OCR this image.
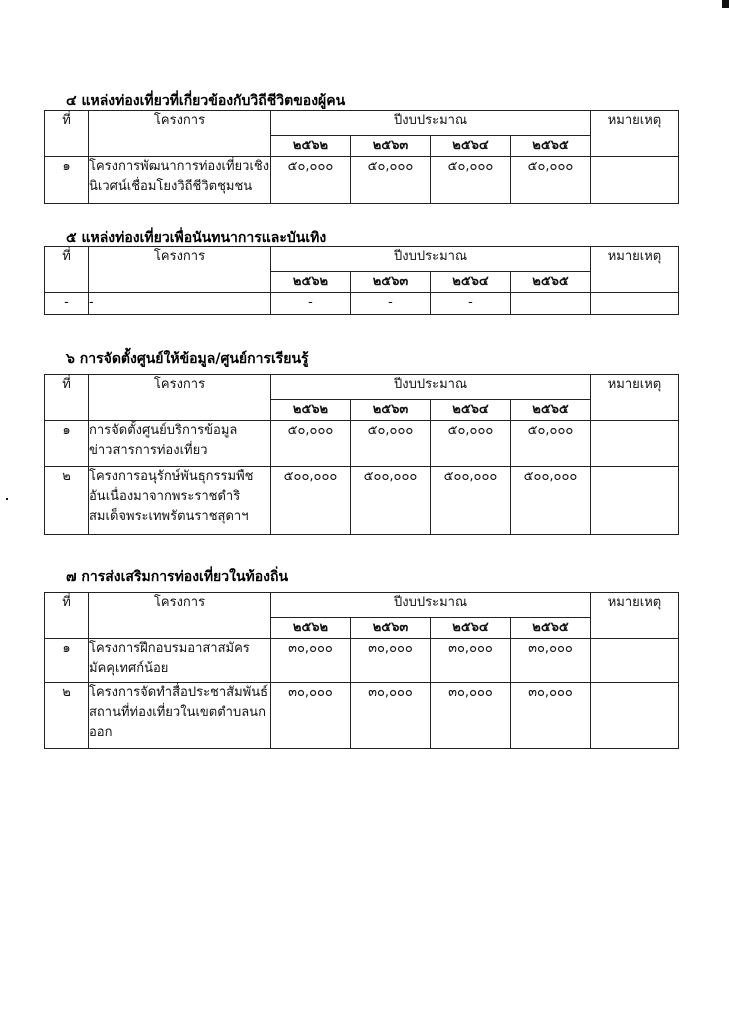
๔ แหล่งท่องเที่ยวที่เกี่ยวข้องกับวิถีชีวิตของผู้คน
ที่	โครงการ	ปีงบประมาณ				หมายเหตุ
		๒๕๖๒	๒๕๖๓	๒๕๖๔	๒๕๖๕	
๑	โครงการพัฒนาการท่องเที่ยวเชิงนิเวศน์เชื่อมโยงวิถีชีวิตชุมชน	๕๐,๐๐๐	๕๐,๐๐๐	๕๐,๐๐๐	๕๐,๐๐๐	
๕ แหล่งท่องเที่ยวเพื่อนันทนาการและบันเทิง
ที่	โครงการ	ปีงบประมาณ				หมายเหตุ
		๒๕๖๒	๒๕๖๓	๒๕๖๔	๒๕๖๕	
-	-	-	-	-		
๖ การจัดตั้งศูนย์ให้ข้อมูล/ศูนย์การเรียนรู้
ที่	โครงการ	ปีงบประมาณ				หมายเหตุ
		๒๕๖๒	๒๕๖๓	๒๕๖๔	๒๕๖๕	
๑	การจัดตั้งศูนย์บริการข้อมูลข่าวสารการท่องเที่ยว	๕๐,๐๐๐	๕๐,๐๐๐	๕๐,๐๐๐	๕๐,๐๐๐	
๒	โครงการอนุรักษ์พันธุกรรมพืชอันเนื่องมาจากพระราชดำริสมเด็จพระเทพรัตนราชสุดาฯ	๕๐๐,๐๐๐	๕๐๐,๐๐๐	๕๐๐,๐๐๐	๕๐๐,๐๐๐	
๗ การส่งเสริมการท่องเที่ยวในท้องถิ่น
ที่	โครงการ	ปีงบประมาณ				หมายเหตุ
		๒๕๖๒	๒๕๖๓	๒๕๖๔	๒๕๖๕	
๑	โครงการฝึกอบรมอาสาสมัครมัคคุเทศก์น้อย	๓๐,๐๐๐	๓๐,๐๐๐	๓๐,๐๐๐	๓๐,๐๐๐	
๒	โครงการจัดทำสื่อประชาสัมพันธ์สถานที่ท่องเที่ยวในเขตตำบลนกออก	๓๐,๐๐๐	๓๐,๐๐๐	๓๐,๐๐๐	๓๐,๐๐๐	
